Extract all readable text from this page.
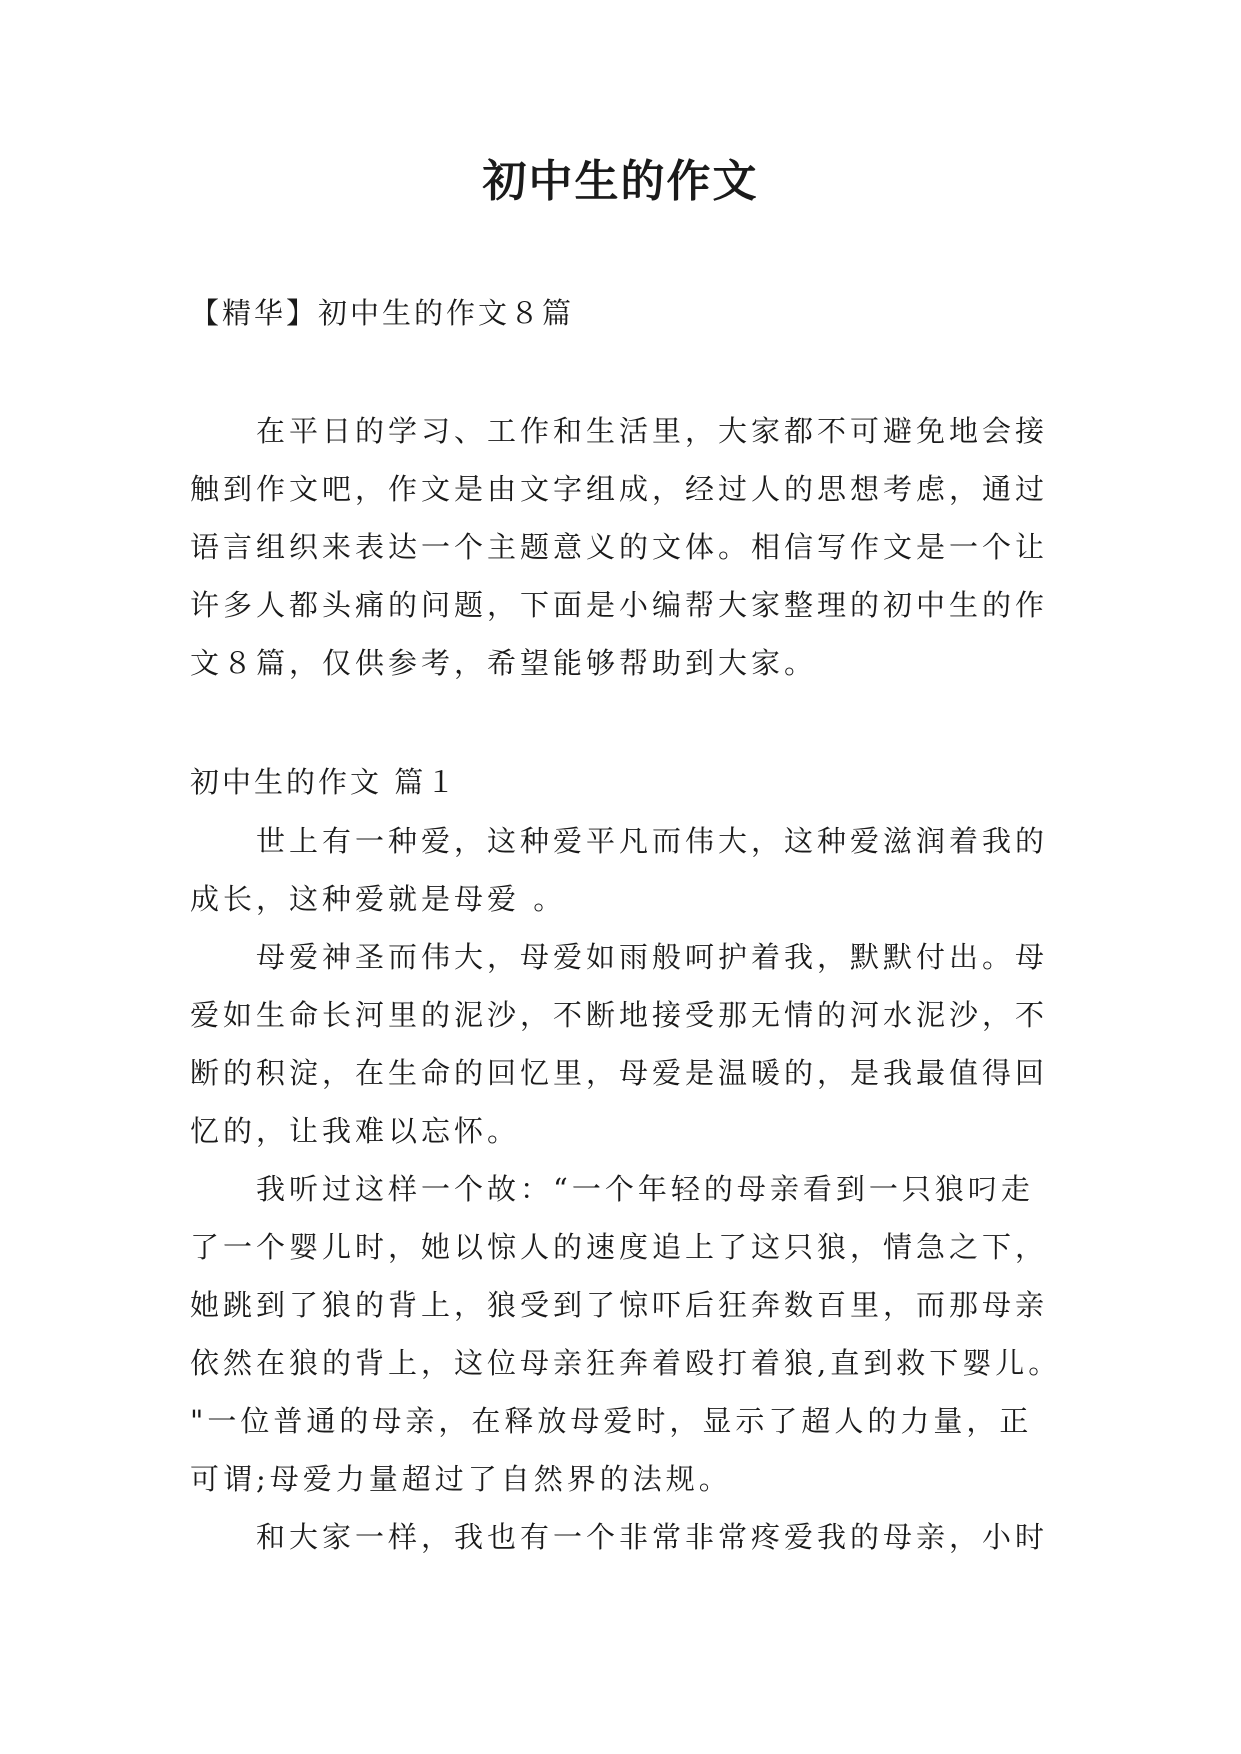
初中生的作文

【精华】初中生的作文８篇

　　在平日的学习、工作和生活里，大家都不可避免地会接
触到作文吧，作文是由文字组成，经过人的思想考虑，通过
语言组织来表达一个主题意义的文体。相信写作文是一个让
许多人都头痛的问题，下面是小编帮大家整理的初中生的作
文８篇，仅供参考，希望能够帮助到大家。

初中生的作文 篇１

　　世上有一种爱，这种爱平凡而伟大，这种爱滋润着我的
成长，这种爱就是母爱 。
　　母爱神圣而伟大，母爱如雨般呵护着我，默默付出。母
爱如生命长河里的泥沙，不断地接受那无情的河水泥沙，不
断的积淀，在生命的回忆里，母爱是温暖的，是我最值得回
忆的，让我难以忘怀。
　　我听过这样一个故：“一个年轻的母亲看到一只狼叼走
了一个婴儿时，她以惊人的速度追上了这只狼，情急之下，
她跳到了狼的背上，狼受到了惊吓后狂奔数百里，而那母亲
依然在狼的背上，这位母亲狂奔着殴打着狼,直到救下婴儿。
"一位普通的母亲，在释放母爱时，显示了超人的力量，正
可谓;母爱力量超过了自然界的法规。
　　和大家一样，我也有一个非常非常疼爱我的母亲，小时
